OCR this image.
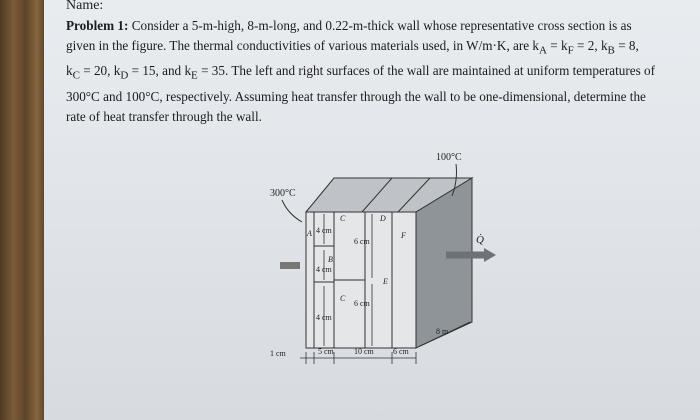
Name:

Problem 1: Consider a 5-m-high, 8-m-long, and 0.22-m-thick wall whose representative cross section is as
given in the figure. The thermal conductivities of various materials used, in W/m·K, are $k_A = k_F = 2$, $k_B = 8$,
$k_C = 20$, $k_D = 15$, and $k_E = 35$. The left and right surfaces of the wall are maintained at uniform temperatures of
300°C and 100°C, respectively. Assuming heat transfer through the wall to be one-dimensional, determine the
rate of heat transfer through the wall.

300°C
100°C
Q̇
A
C
B
C
D
E
F
4 cm
4 cm
4 cm
6 cm
6 cm
1 cm	5 cm	10 cm 6 cm
8 m
